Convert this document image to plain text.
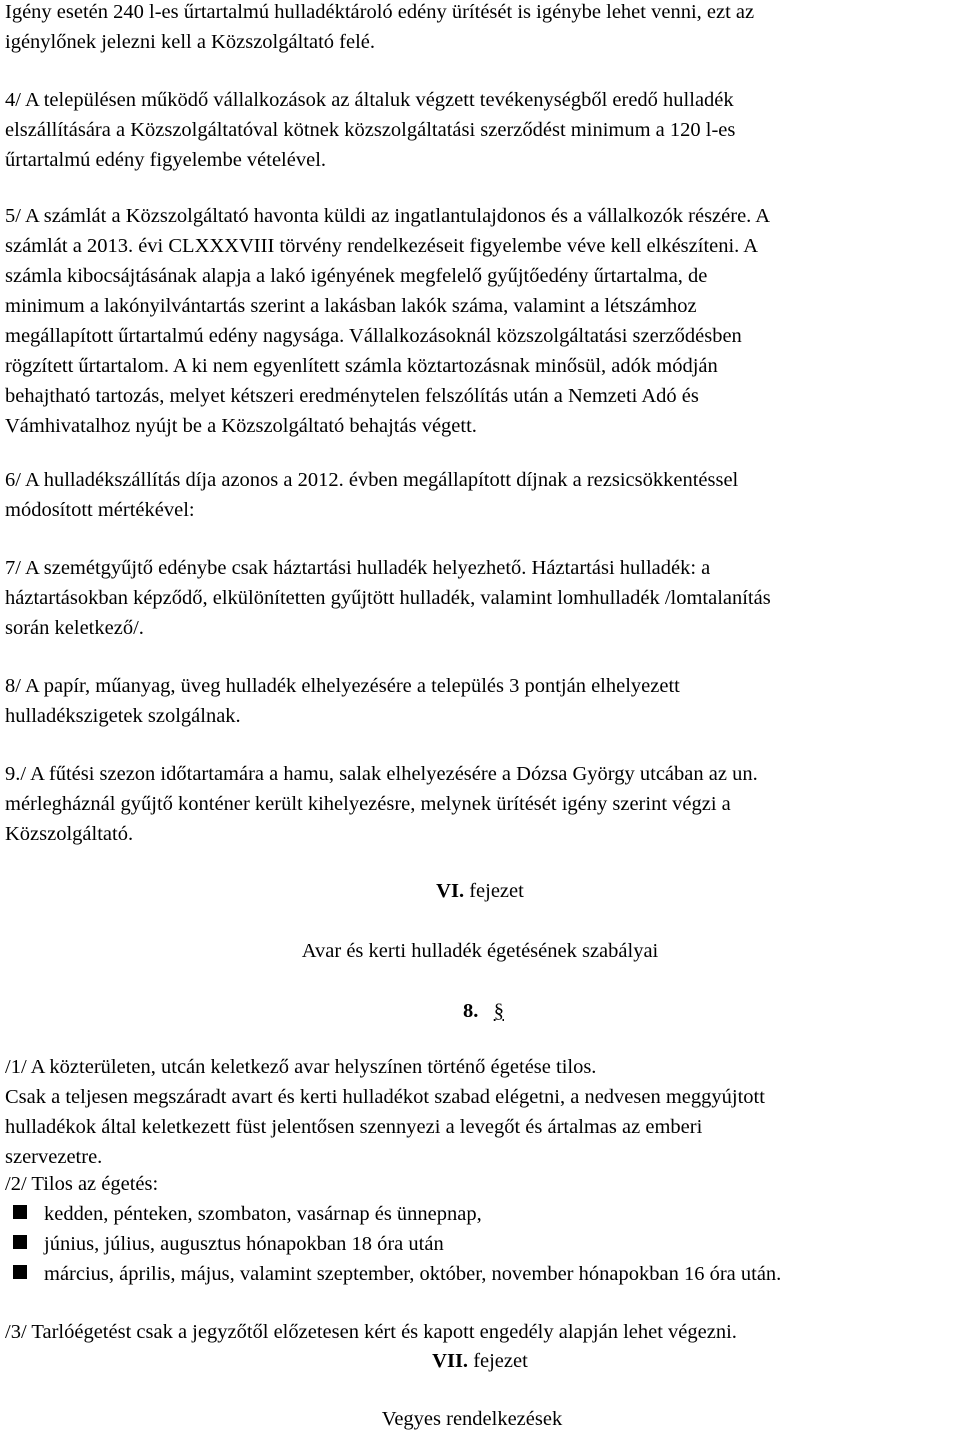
Igény esetén 240 l-es űrtartalmú hulladéktároló edény ürítését is igénybe lehet venni, ezt az
igénylőnek jelezni kell a Közszolgáltató felé.
4/ A településen működő vállalkozások az általuk végzett tevékenységből eredő hulladék
elszállítására a Közszolgáltatóval kötnek közszolgáltatási szerződést minimum a 120 l-es
űrtartalmú edény figyelembe vételével.
5/ A számlát a Közszolgáltató havonta küldi az ingatlantulajdonos és a vállalkozók részére. A
számlát a 2013. évi CLXXXVIII törvény rendelkezéseit figyelembe véve kell elkészíteni. A
számla kibocsájtásának alapja a lakó igényének megfelelő gyűjtőedény űrtartalma, de
minimum a lakónyilvántartás szerint a lakásban lakók száma, valamint a létszámhoz
megállapított űrtartalmú edény nagysága. Vállalkozásoknál közszolgáltatási szerződésben
rögzített űrtartalom. A ki nem egyenlített számla köztartozásnak minősül, adók módján
behajtható tartozás, melyet kétszeri eredménytelen felszólítás után a Nemzeti Adó és
Vámhivatalhoz nyújt be a Közszolgáltató behajtás végett.
6/ A hulladékszállítás díja azonos a 2012. évben megállapított díjnak a rezsicsökkentéssel
módosított mértékével:
7/ A szemétgyűjtő edénybe csak háztartási hulladék helyezhető. Háztartási hulladék: a
háztartásokban képződő, elkülönítetten gyűjtött hulladék, valamint lomhulladék /lomtalanítás
során keletkező/.
8/ A papír, műanyag, üveg hulladék elhelyezésére a település 3 pontján elhelyezett
hulladékszigetek szolgálnak.
9./ A fűtési szezon időtartamára a hamu, salak elhelyezésére a Dózsa György utcában az un.
mérlegháznál gyűjtő konténer került kihelyezésre, melynek ürítését igény szerint végzi a
Közszolgáltató.
VI. fejezet
Avar és kerti hulladék égetésének szabályai
8. §
/1/ A közterületen, utcán keletkező avar helyszínen történő égetése tilos.
Csak a teljesen megszáradt avart és kerti hulladékot szabad elégetni, a nedvesen meggyújtott
hulladékok által keletkezett füst jelentősen szennyezi a levegőt és ártalmas az emberi
szervezetre.
/2/ Tilos az égetés:
kedden, pénteken, szombaton, vasárnap és ünnepnap,
június, július, augusztus hónapokban 18 óra után
március, április, május, valamint szeptember, október, november hónapokban 16 óra után.
/3/ Tarlóégetést csak a jegyzőtől előzetesen kért és kapott engedély alapján lehet végezni.
VII. fejezet
Vegyes rendelkezések
